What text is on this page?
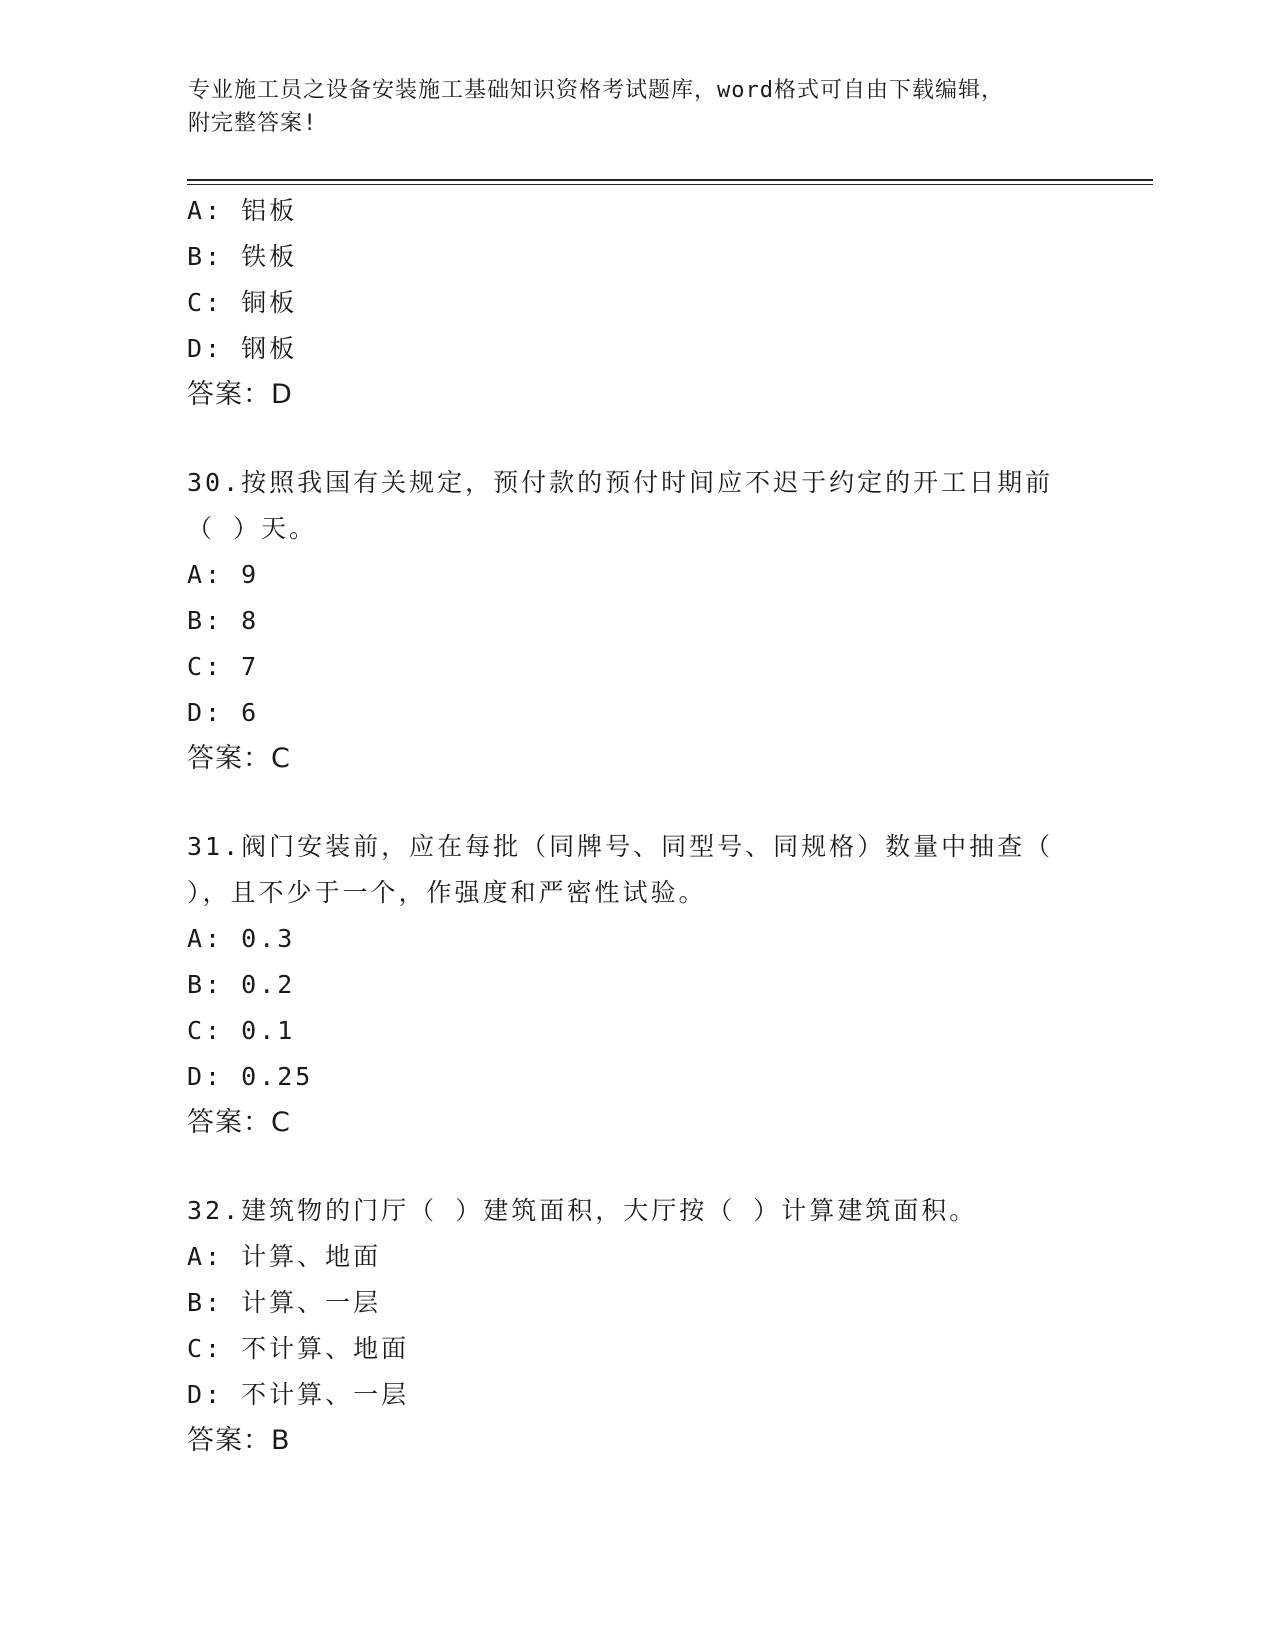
专业施工员之设备安装施工基础知识资格考试题库，word格式可自由下载编辑，
附完整答案!
A: 铝板
B: 铁板
C: 铜板
D: 钢板
答案：D
30.按照我国有关规定，预付款的预付时间应不迟于约定的开工日期前
（ ）天。
A: 9
B: 8
C: 7
D: 6
答案：C
31.阀门安装前，应在每批（同牌号、同型号、同规格）数量中抽查（
），且不少于一个，作强度和严密性试验。
A: 0.3
B: 0.2
C: 0.1
D: 0.25
答案：C
32.建筑物的门厅（ ）建筑面积，大厅按（ ）计算建筑面积。
A: 计算、地面
B: 计算、一层
C: 不计算、地面
D: 不计算、一层
答案：B
